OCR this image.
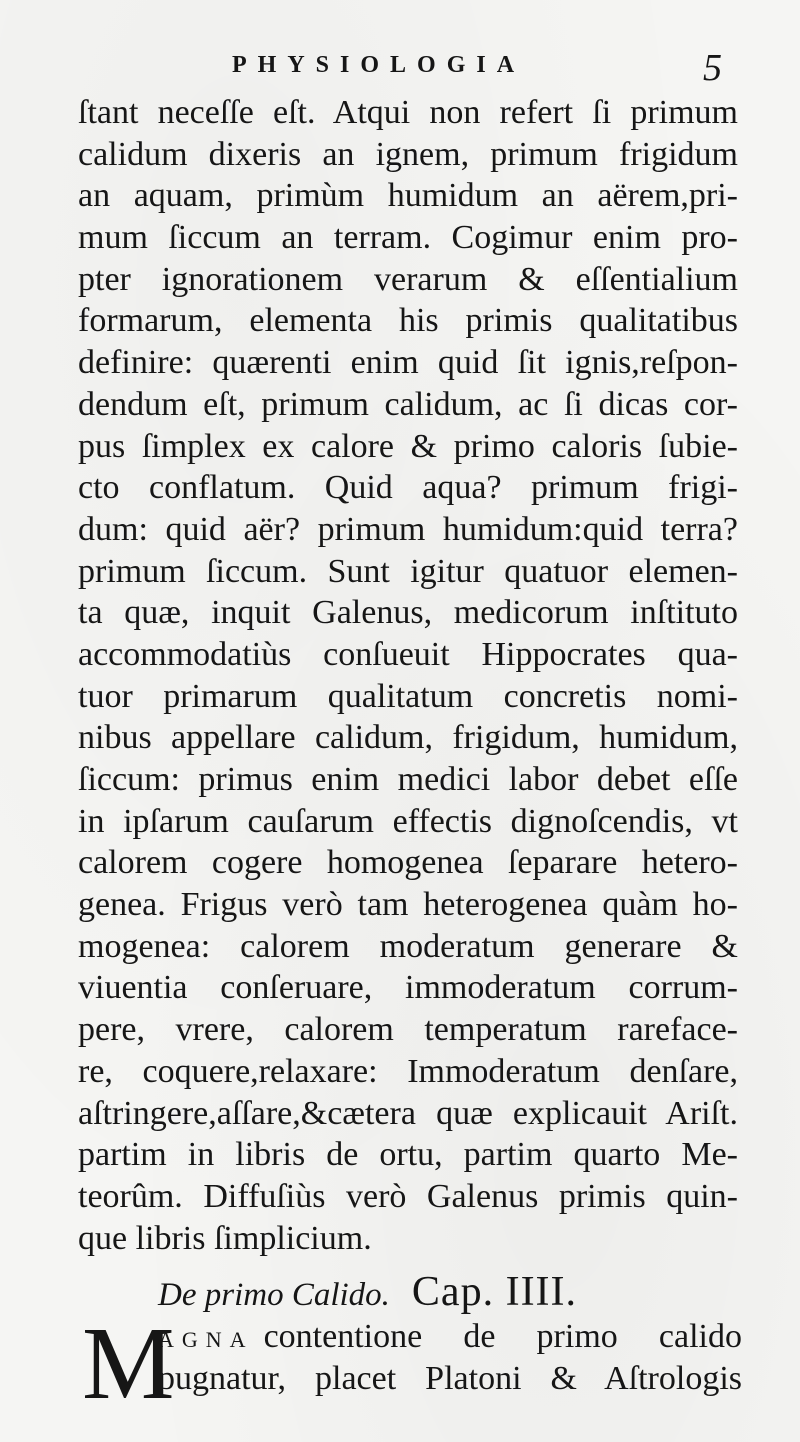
PHYSIOLOGIA	5
ſtant neceſſe eſt. Atqui non refert ſi primum
calidum dixeris an ignem, primum frigidum
an aquam, primùm humidum an aërem,pri-
mum ſiccum an terram. Cogimur enim pro-
pter ignorationem verarum & eſſentialium
formarum, elementa his primis qualitatibus
definire: quærenti enim quid ſit ignis,reſpon-
dendum eſt, primum calidum, ac ſi dicas cor-
pus ſimplex ex calore & primo caloris ſubie-
cto conflatum. Quid aqua? primum frigi-
dum: quid aër? primum humidum:quid terra?
primum ſiccum. Sunt igitur quatuor elemen-
ta quæ, inquit Galenus, medicorum inſtituto
accommodatiùs conſueuit Hippocrates qua-
tuor primarum qualitatum concretis nomi-
nibus appellare calidum, frigidum, humidum,
ſiccum: primus enim medici labor debet eſſe
in ipſarum cauſarum effectis dignoſcendis, vt
calorem cogere homogenea ſeparare hetero-
genea. Frigus verò tam heterogenea quàm ho-
mogenea: calorem moderatum generare &
viuentia conſeruare, immoderatum corrum-
pere, vrere, calorem temperatum rareface-
re, coquere,relaxare: Immoderatum denſare,
aſtringere,aſſare,&cætera quæ explicauit Ariſt.
partim in libris de ortu, partim quarto Me-
teorûm. Diffuſiùs verò Galenus primis quin-
que libris ſimplicium.
De primo Calido. Cap. IIII.
M
AGNA contentione de primo calido
pugnatur, placet Platoni & Aſtrologis
